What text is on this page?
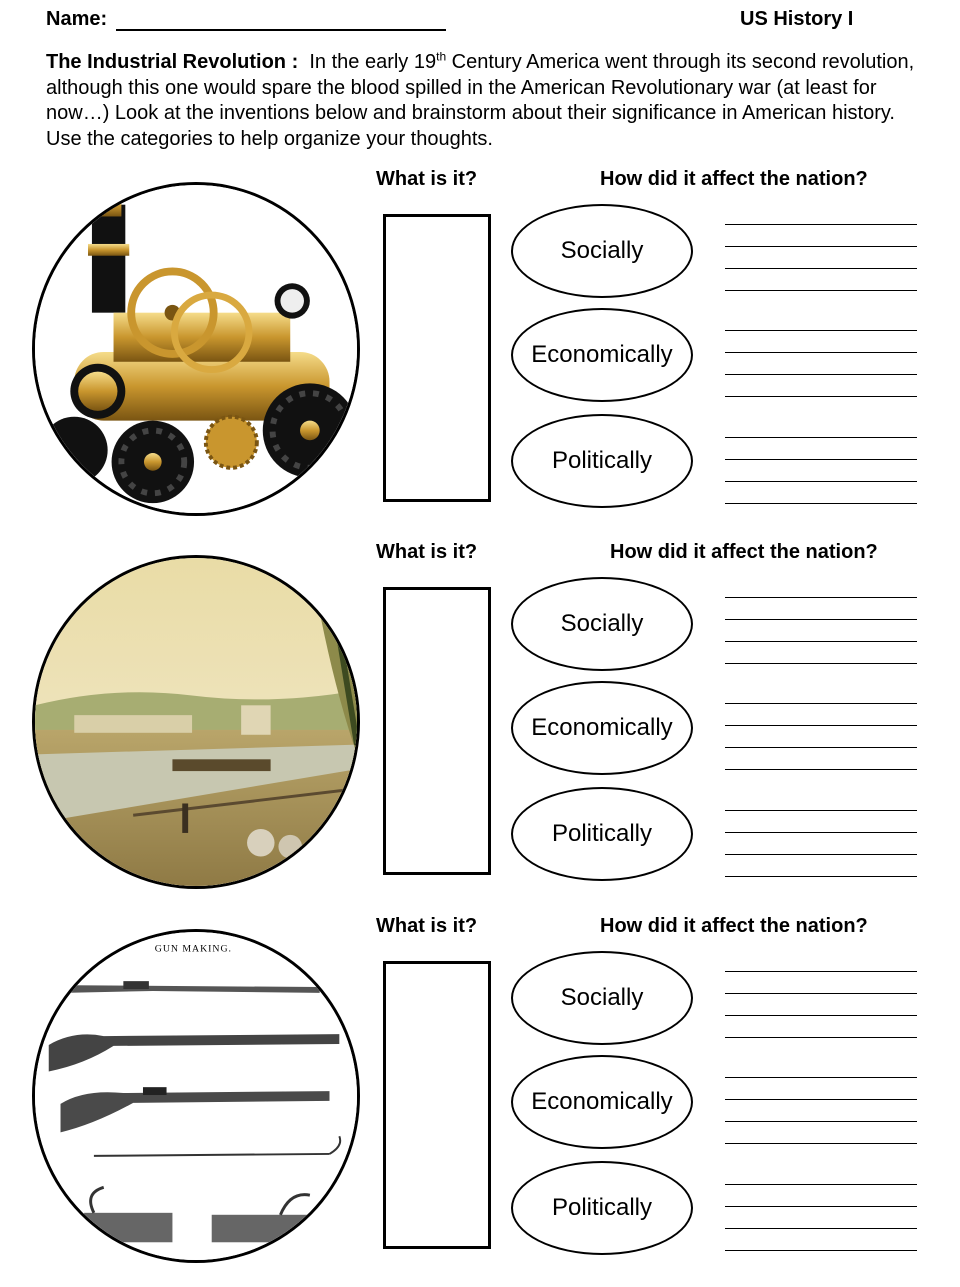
Name:	US History I

The Industrial Revolution : In the early 19th Century America went through its second revolution, although this one would spare the blood spilled in the American Revolutionary war (at least for now…) Look at the inventions below and brainstorm about their significance in American history. Use the categories to help organize your thoughts.

What is it?	How did it affect the nation?
Socially
Economically
Politically
What is it?	How did it affect the nation?
Socially
Economically
Politically
What is it?	How did it affect the nation?
GUN MAKING.
Socially
Economically
Politically
